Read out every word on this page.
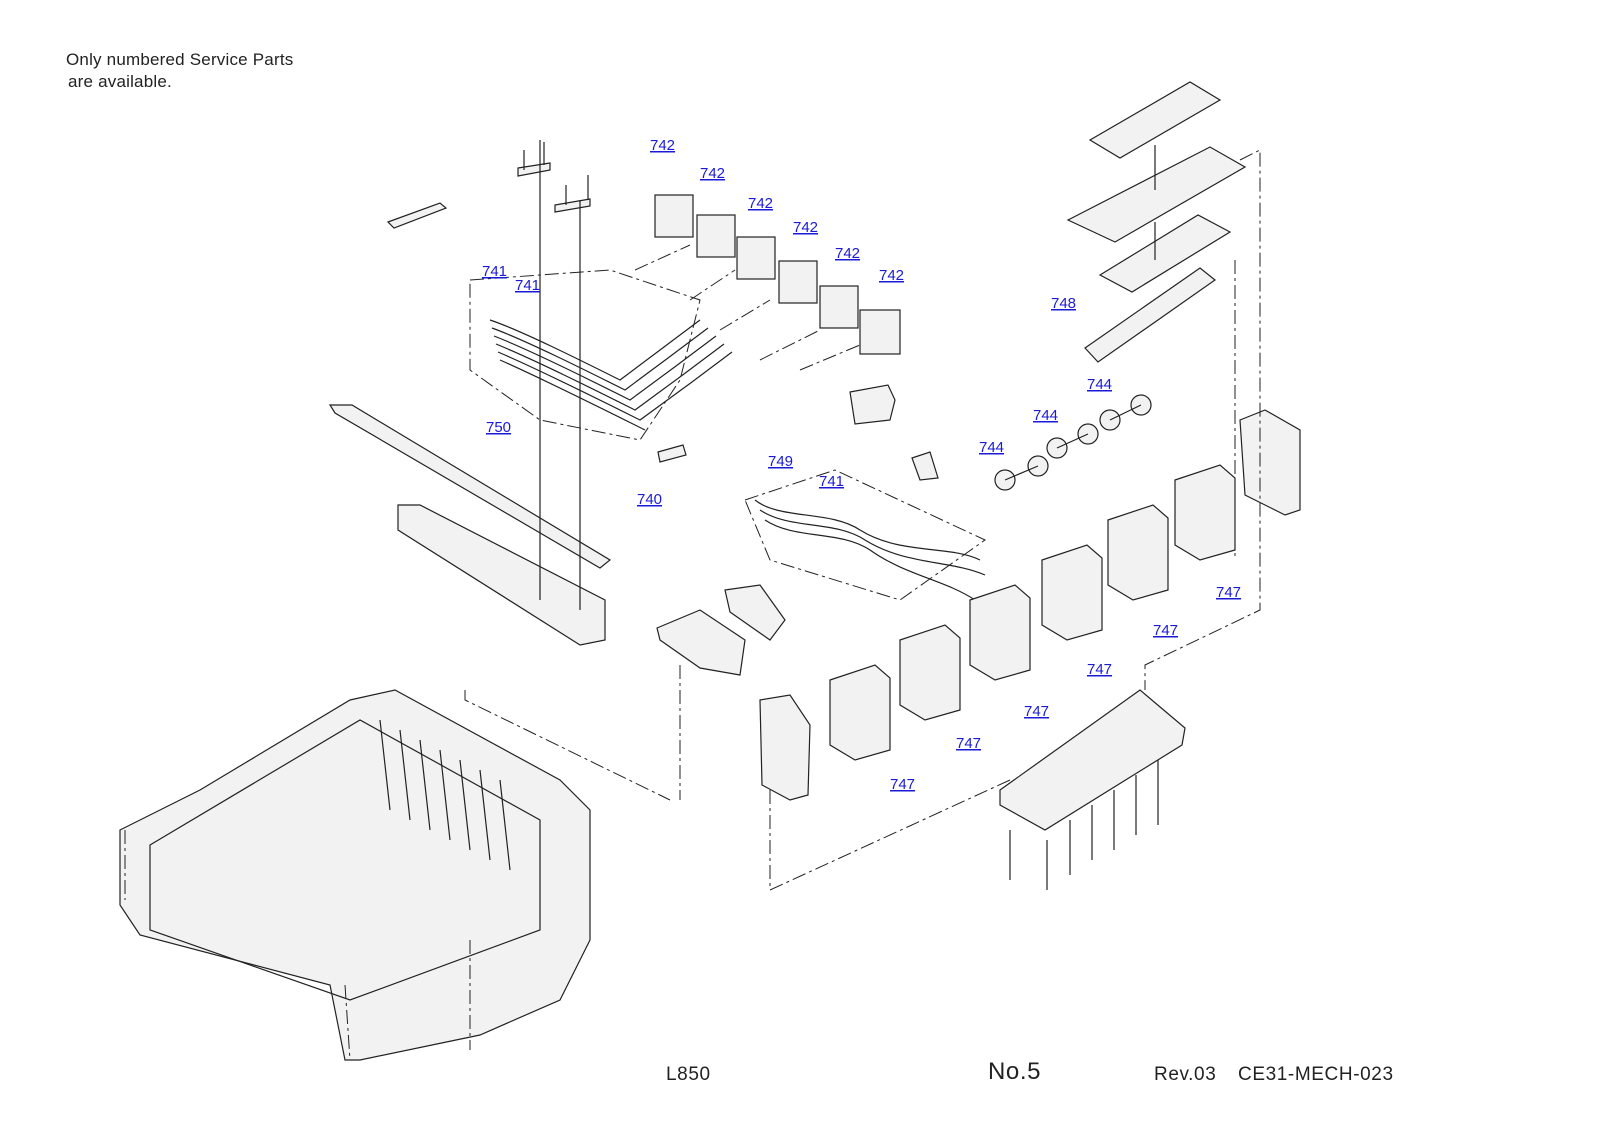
Only numbered Service Parts
are available.
742
742
742
742
742
742
741
741
750
740
749
741
748
744
744
744
747
747
747
747
747
747
L850	No.5	Rev.03 CE31-MECH-023
